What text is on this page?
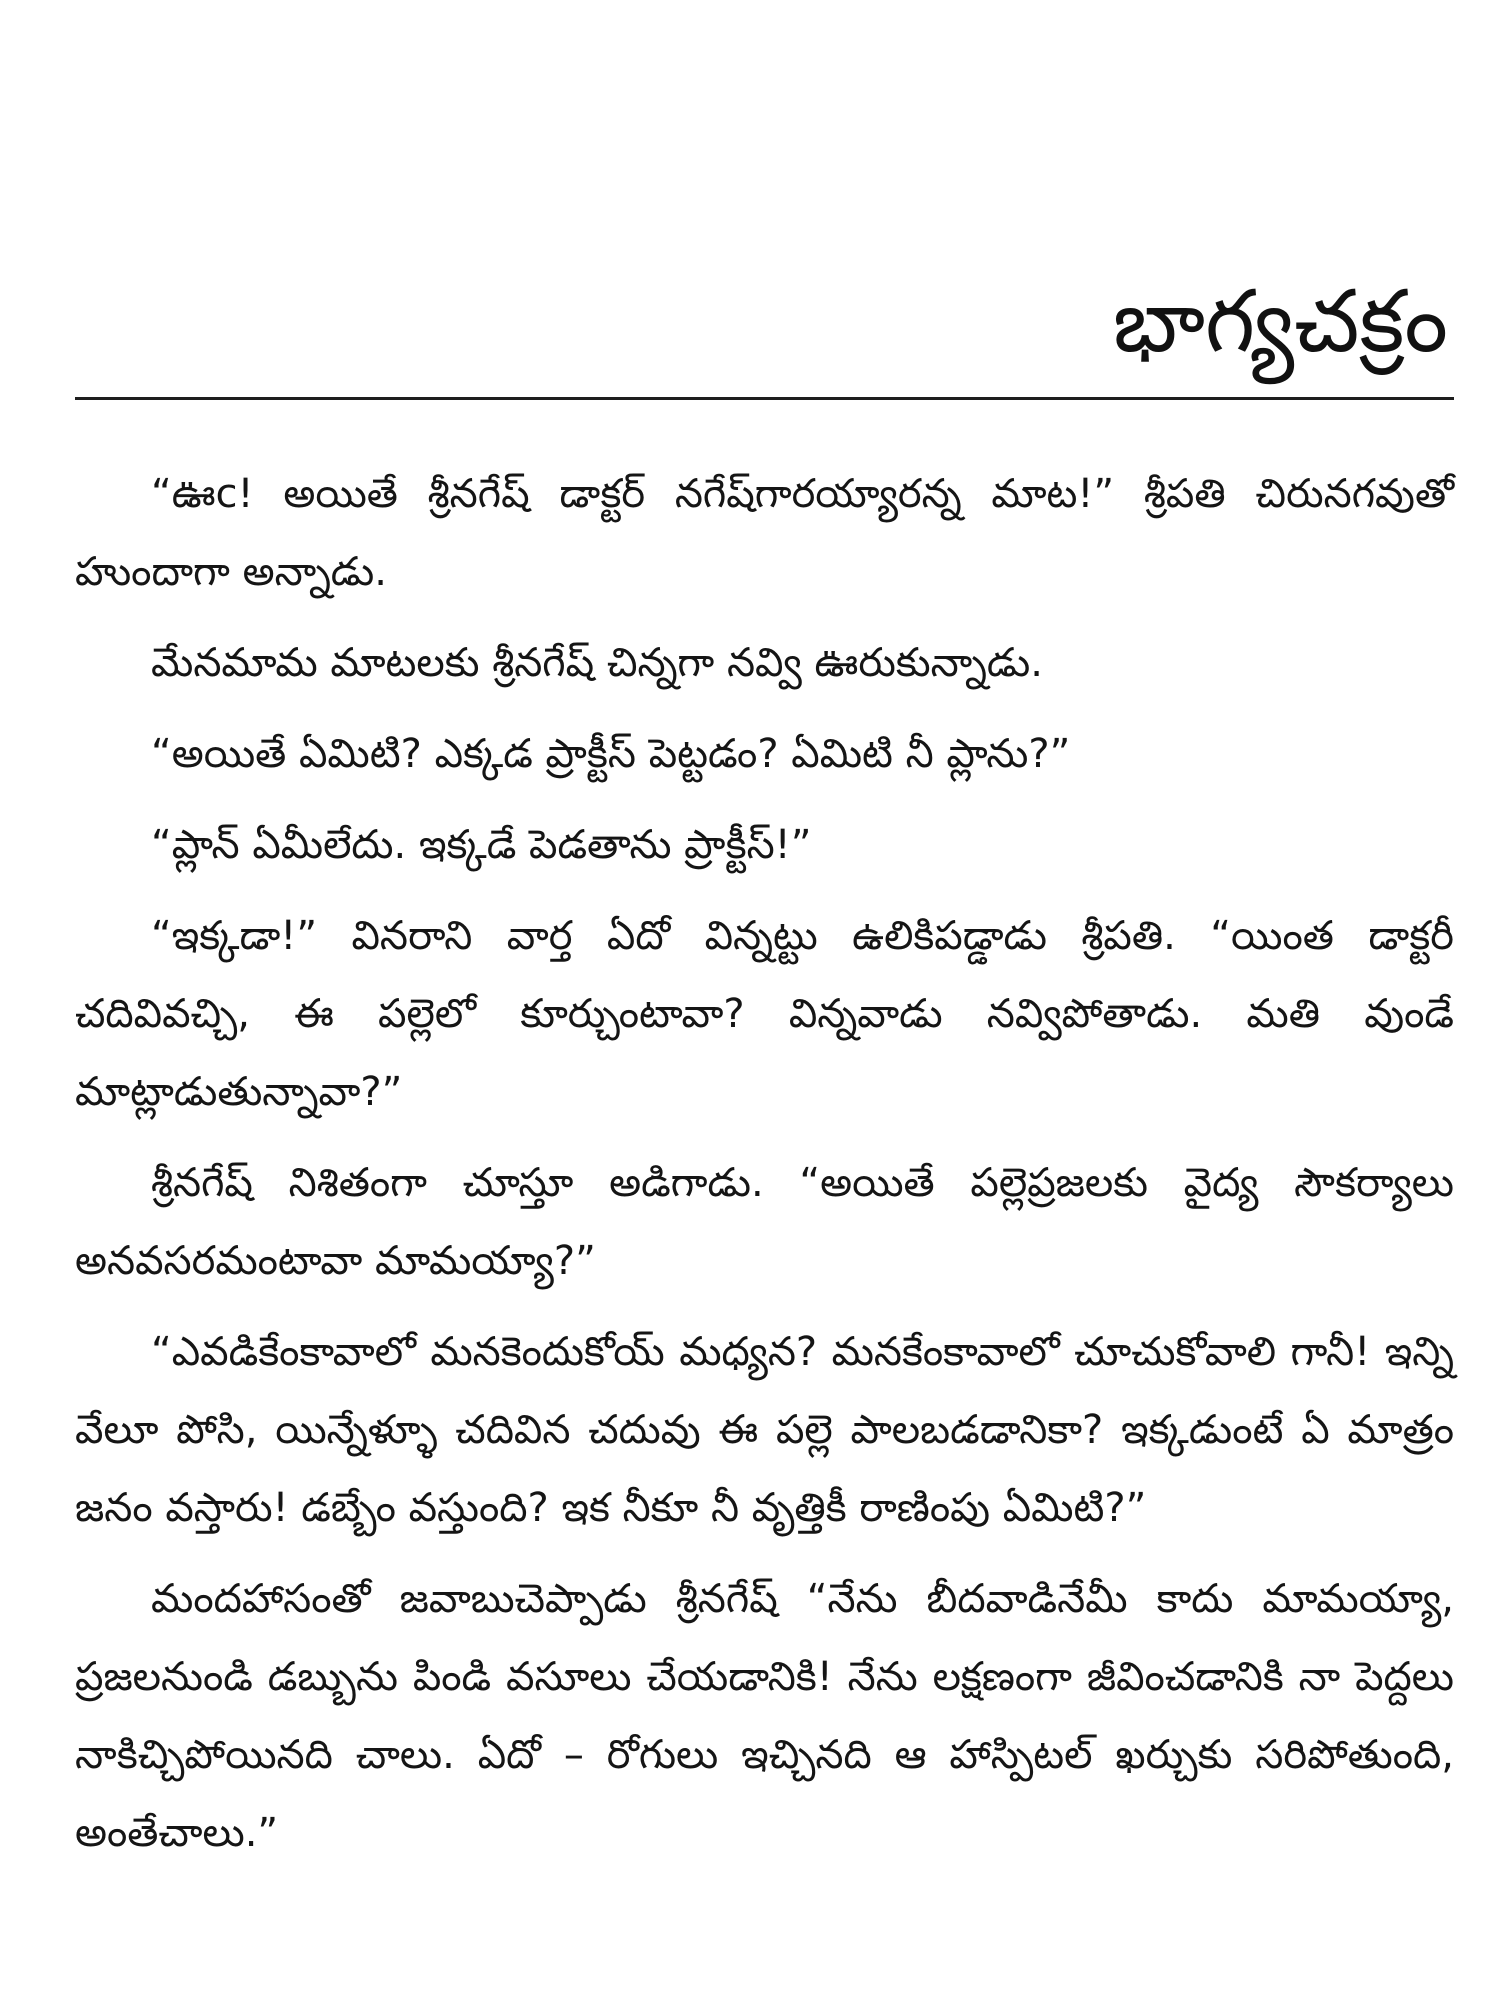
భాగ్యచక్రం

“ఊc! అయితే శ్రీనగేష్ డాక్టర్ నగేష్‌గారయ్యారన్న మాట!” శ్రీపతి చిరునగవుతో హుందాగా అన్నాడు.

మేనమామ మాటలకు శ్రీనగేష్ చిన్నగా నవ్వి ఊరుకున్నాడు.

“అయితే ఏమిటి? ఎక్కడ ప్రాక్టీస్ పెట్టడం? ఏమిటి నీ ప్లాను?”

“ప్లాన్ ఏమీలేదు. ఇక్కడే పెడతాను ప్రాక్టీస్!”

“ఇక్కడా!” వినరాని వార్త ఏదో విన్నట్టు ఉలికిపడ్డాడు శ్రీపతి. “యింత డాక్టరీ చదివివచ్చి, ఈ పల్లెలో కూర్చుంటావా? విన్నవాడు నవ్విపోతాడు. మతి వుండే మాట్లాడుతున్నావా?”

శ్రీనగేష్ నిశితంగా చూస్తూ అడిగాడు. “అయితే పల్లెప్రజలకు వైద్య సౌకర్యాలు అనవసరమంటావా మామయ్యా?”

“ఎవడికేంకావాలో మనకెందుకోయ్ మధ్యన? మనకేంకావాలో చూచుకోవాలి గానీ! ఇన్ని వేలూ పోసి, యిన్నేళ్ళూ చదివిన చదువు ఈ పల్లె పాలబడడానికా? ఇక్కడుంటే ఏ మాత్రం జనం వస్తారు! డబ్బేం వస్తుంది? ఇక నీకూ నీ వృత్తికీ రాణింపు ఏమిటి?”

మందహాసంతో జవాబుచెప్పాడు శ్రీనగేష్ “నేను బీదవాడినేమీ కాదు మామయ్యా, ప్రజలనుండి డబ్బును పిండి వసూలు చేయడానికి! నేను లక్షణంగా జీవించడానికి నా పెద్దలు నాకిచ్చిపోయినది చాలు. ఏదో – రోగులు ఇచ్చినది ఆ హాస్పిటల్ ఖర్చుకు సరిపోతుంది, అంతేచాలు.”
